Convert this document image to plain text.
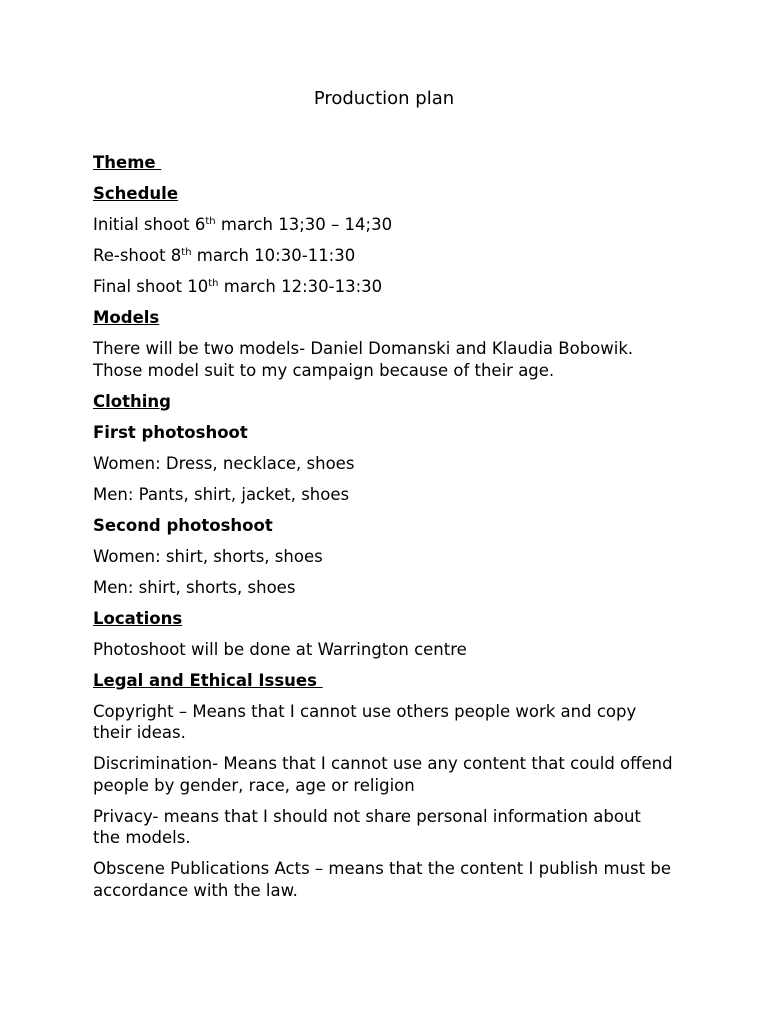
Production plan
Theme
Schedule
Initial shoot 6th march 13;30 – 14;30
Re-shoot 8th march 10:30-11:30
Final shoot 10th march 12:30-13:30
Models
There will be two models- Daniel Domanski and Klaudia Bobowik. Those model suit to my campaign because of their age.
Clothing
First photoshoot
Women: Dress, necklace, shoes
Men: Pants, shirt, jacket, shoes
Second photoshoot
Women: shirt, shorts, shoes
Men: shirt, shorts, shoes
Locations
Photoshoot will be done at Warrington centre
Legal and Ethical Issues
Copyright – Means that I cannot use others people work and copy their ideas.
Discrimination- Means that I cannot use any content that could offend people by gender, race, age or religion
Privacy- means that I should not share personal information about the models.
Obscene Publications Acts – means that the content I publish must be accordance with the law.
